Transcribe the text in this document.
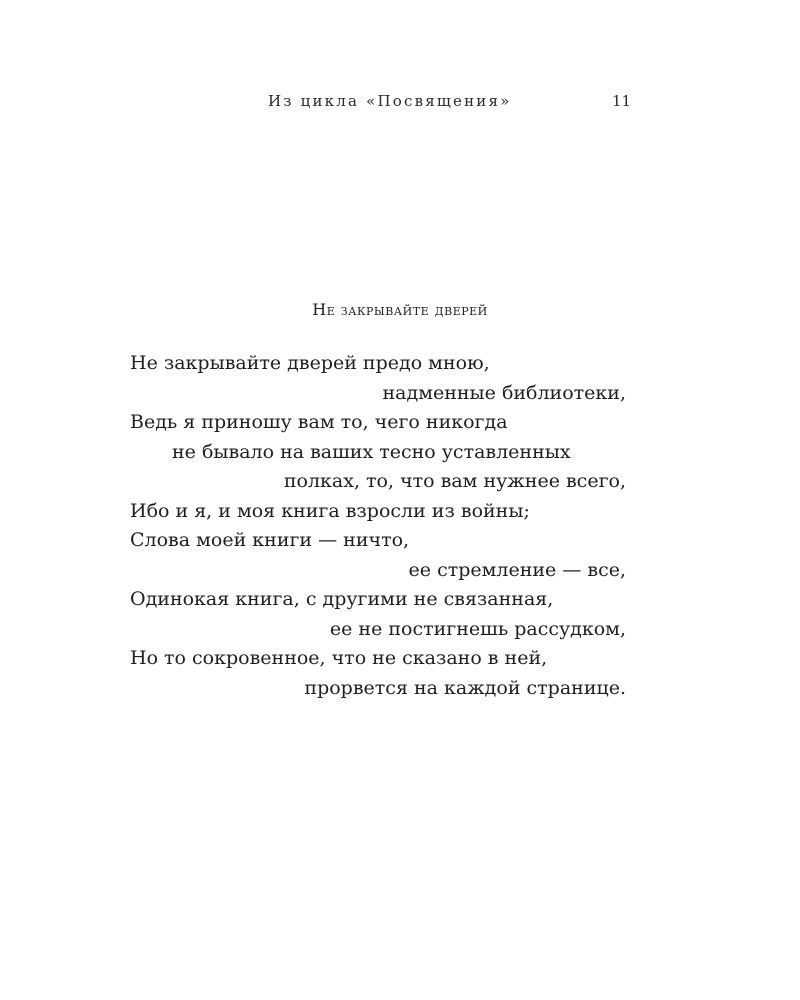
Из цикла «Посвящения»	11
Не закрывайте дверей
Не закрывайте дверей предо мною,
надменные библиотеки,
Ведь я приношу вам то, чего никогда
не бывало на ваших тесно уставленных
полках, то, что вам нужнее всего,
Ибо и я, и моя книга взросли из войны;
Слова моей книги — ничто,
ее стремление — все,
Одинокая книга, с другими не связанная,
ее не постигнешь рассудком,
Но то сокровенное, что не сказано в ней,
прорвется на каждой странице.
